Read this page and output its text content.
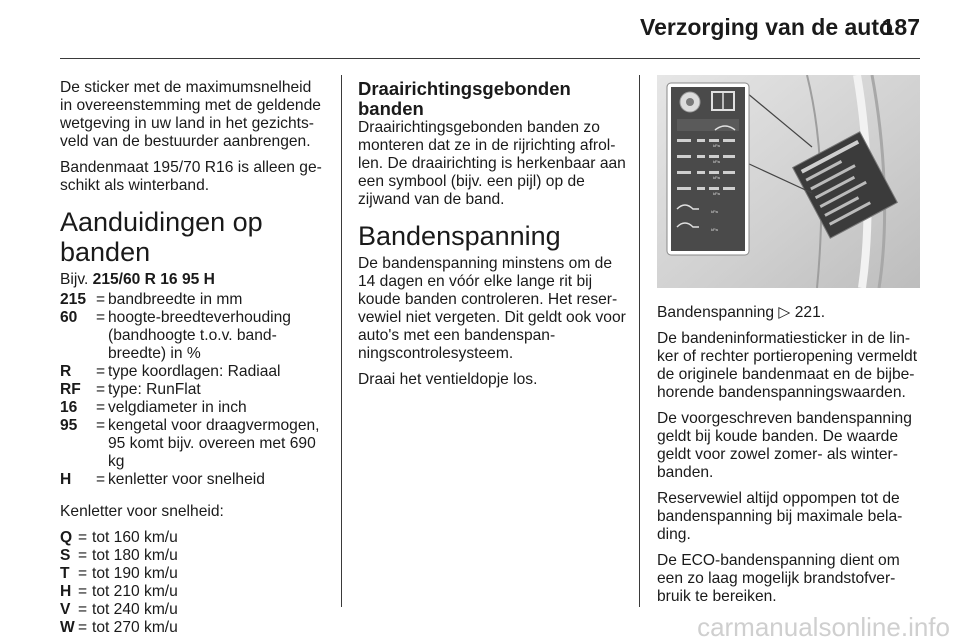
Verzorging van de auto
187

De sticker met de maximumsnelheid in overeenstemming met de geldende wetgeving in uw land in het gezichts- veld van de bestuurder aanbrengen.

Bandenmaat 195/70 R16 is alleen ge- schikt als winterband.

Aanduidingen op banden

Bijv. 215/60 R 16 95 H

215 = bandbreedte in mm
60	= hoogte-breedteverhouding (bandhoogte t.o.v. band- breedte) in %
R	= type koordlagen: Radiaal
RF = type: RunFlat
16	= velgdiameter in inch
95	= kengetal voor draagvermogen, 95 komt bijv. overeen met 690 kg
H	= kenletter voor snelheid

Kenletter voor snelheid:

Q = tot 160 km/u
S = tot 180 km/u
T = tot 190 km/u
H = tot 210 km/u
V = tot 240 km/u
W = tot 270 km/u
Draairichtingsgebonden banden

Draairichtingsgebonden banden zo monteren dat ze in de rijrichting afrol- len. De draairichting is herkenbaar aan een symbool (bijv. een pijl) op de zijwand van de band.

Bandenspanning

De bandenspanning minstens om de 14 dagen en vóór elke lange rit bij koude banden controleren. Het reser- vewiel niet vergeten. Dit geldt ook voor auto's met een bandenspan- ningscontrolesysteem.

Draai het ventieldopje los.

kPa
kPa
kPa
kPa
kPa
kPa

Bandenspanning ▷ 221.

De bandeninformatiesticker in de lin- ker of rechter portieropening vermeldt de originele bandenmaat en de bijbe- horende bandenspanningswaarden.

De voorgeschreven bandenspanning geldt bij koude banden. De waarde geldt voor zowel zomer- als winter- banden.

Reservewiel altijd oppompen tot de bandenspanning bij maximale bela- ding.

De ECO-bandenspanning dient om een zo laag mogelijk brandstofver- bruik te bereiken.

carmanualsonline.info
